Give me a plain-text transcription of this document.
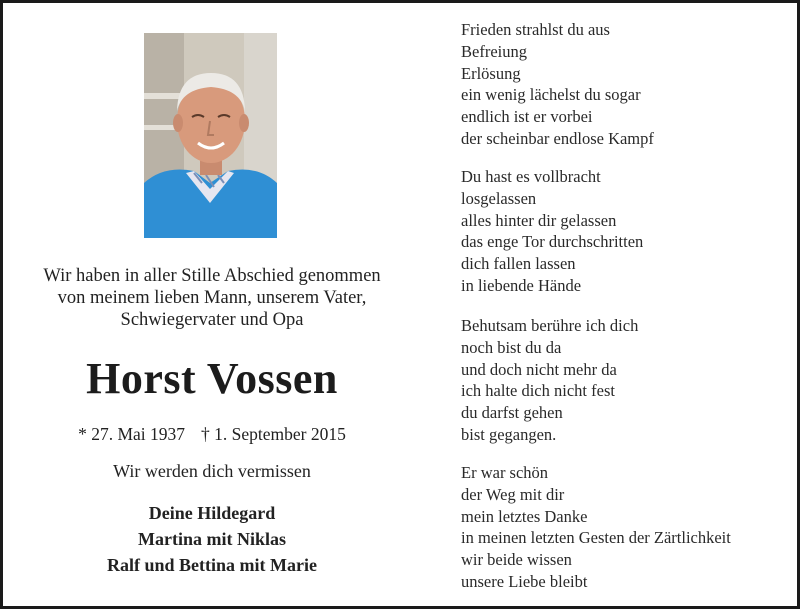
Wir haben in aller Stille Abschied genommen
von meinem lieben Mann, unserem Vater,
Schwiegervater und Opa
Horst Vossen
* 27. Mai 1937 † 1. September 2015
Wir werden dich vermissen
Deine Hildegard
Martina mit Niklas
Ralf und Bettina mit Marie
Frieden strahlst du aus
Befreiung
Erlösung
ein wenig lächelst du sogar
endlich ist er vorbei
der scheinbar endlose Kampf
Du hast es vollbracht
losgelassen
alles hinter dir gelassen
das enge Tor durchschritten
dich fallen lassen
in liebende Hände
Behutsam berühre ich dich
noch bist du da
und doch nicht mehr da
ich halte dich nicht fest
du darfst gehen
bist gegangen.
Er war schön
der Weg mit dir
mein letztes Danke
in meinen letzten Gesten der Zärtlichkeit
wir beide wissen
unsere Liebe bleibt
